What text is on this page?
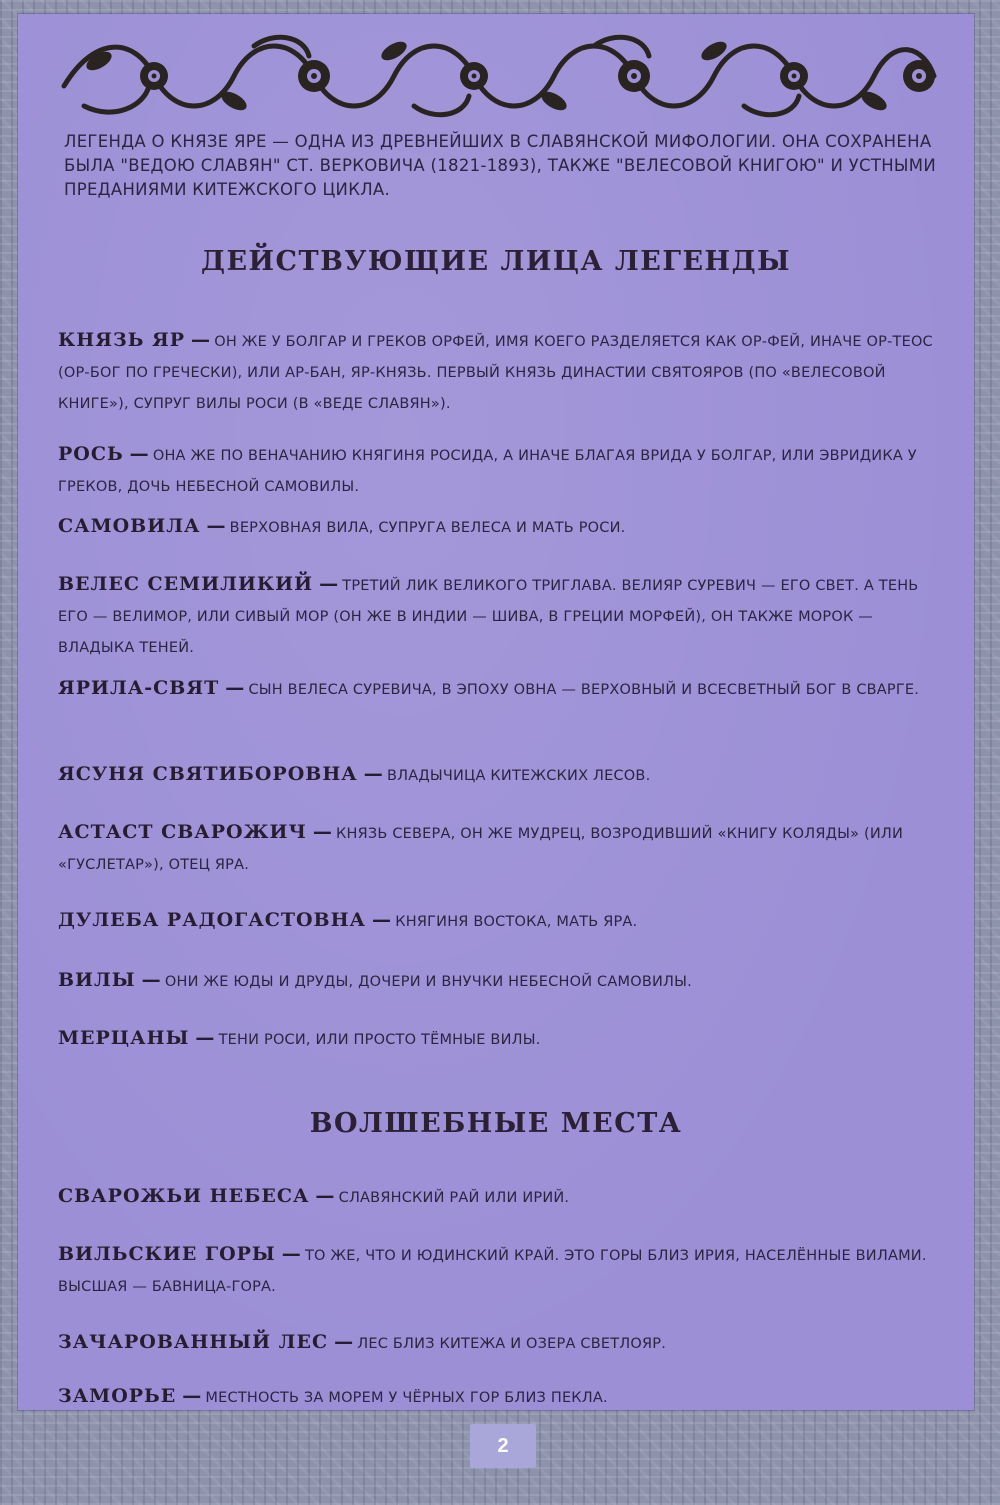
ЛЕГЕНДА О КНЯЗЕ ЯРЕ — ОДНА ИЗ ДРЕВНЕЙШИХ В СЛАВЯНСКОЙ МИФОЛОГИИ. ОНА СОХРАНЕНА БЫЛА "ВЕДОЮ СЛАВЯН" СТ. ВЕРКОВИЧА (1821-1893), ТАКЖЕ "ВЕЛЕСОВОЙ КНИГОЮ" И УСТНЫМИ ПРЕДАНИЯМИ КИТЕЖСКОГО ЦИКЛА.
ДЕЙСТВУЮЩИЕ ЛИЦА ЛЕГЕНДЫ
КНЯЗЬ ЯР — ОН ЖЕ У БОЛГАР И ГРЕКОВ ОРФЕЙ, ИМЯ КОЕГО РАЗДЕЛЯЕТСЯ КАК ОР-ФЕЙ, ИНАЧЕ ОР-ТЕОС (ОР-БОГ ПО ГРЕЧЕСКИ), ИЛИ АР-БАН, ЯР-КНЯЗЬ. ПЕРВЫЙ КНЯЗЬ ДИНАСТИИ СВЯТОЯРОВ (ПО «ВЕЛЕСОВОЙ КНИГЕ»), СУПРУГ ВИЛЫ РОСИ (В «ВЕДЕ СЛАВЯН»).
РОСЬ — ОНА ЖЕ ПО ВЕНАЧАНИЮ КНЯГИНЯ РОСИДА, А ИНАЧЕ БЛАГАЯ ВРИДА У БОЛГАР, ИЛИ ЭВРИДИКА У ГРЕКОВ, ДОЧЬ НЕБЕСНОЙ САМОВИЛЫ.
САМОВИЛА — ВЕРХОВНАЯ ВИЛА, СУПРУГА ВЕЛЕСА И МАТЬ РОСИ.
ВЕЛЕС СЕМИЛИКИЙ — ТРЕТИЙ ЛИК ВЕЛИКОГО ТРИГЛАВА. ВЕЛИЯР СУРЕВИЧ — ЕГО СВЕТ. А ТЕНЬ ЕГО — ВЕЛИМОР, ИЛИ СИВЫЙ МОР (ОН ЖЕ В ИНДИИ — ШИВА, В ГРЕЦИИ МОРФЕЙ), ОН ТАКЖЕ МОРОК — ВЛАДЫКА ТЕНЕЙ.
ЯРИЛА-СВЯТ — СЫН ВЕЛЕСА СУРЕВИЧА, В ЭПОХУ ОВНА — ВЕРХОВНЫЙ И ВСЕСВЕТНЫЙ БОГ В СВАРГЕ.
ЯСУНЯ СВЯТИБОРОВНА — ВЛАДЫЧИЦА КИТЕЖСКИХ ЛЕСОВ.
АСТАСТ СВАРОЖИЧ — КНЯЗЬ СЕВЕРА, ОН ЖЕ МУДРЕЦ, ВОЗРОДИВШИЙ «КНИГУ КОЛЯДЫ» (ИЛИ «ГУСЛЕТАР»), ОТЕЦ ЯРА.
ДУЛЕБА РАДОГАСТОВНА — КНЯГИНЯ ВОСТОКА, МАТЬ ЯРА.
ВИЛЫ — ОНИ ЖЕ ЮДЫ И ДРУДЫ, ДОЧЕРИ И ВНУЧКИ НЕБЕСНОЙ САМОВИЛЫ.
МЕРЦАНЫ — ТЕНИ РОСИ, ИЛИ ПРОСТО ТЁМНЫЕ ВИЛЫ.
ВОЛШЕБНЫЕ МЕСТА
СВАРОЖЬИ НЕБЕСА — СЛАВЯНСКИЙ РАЙ ИЛИ ИРИЙ.
ВИЛЬСКИЕ ГОРЫ — ТО ЖЕ, ЧТО И ЮДИНСКИЙ КРАЙ. ЭТО ГОРЫ БЛИЗ ИРИЯ, НАСЕЛЁННЫЕ ВИЛАМИ. ВЫСШАЯ — БАВНИЦА-ГОРА.
ЗАЧАРОВАННЫЙ ЛЕС — ЛЕС БЛИЗ КИТЕЖА И ОЗЕРА СВЕТЛОЯР.
ЗАМОРЬЕ — МЕСТНОСТЬ ЗА МОРЕМ У ЧЁРНЫХ ГОР БЛИЗ ПЕКЛА.
2
